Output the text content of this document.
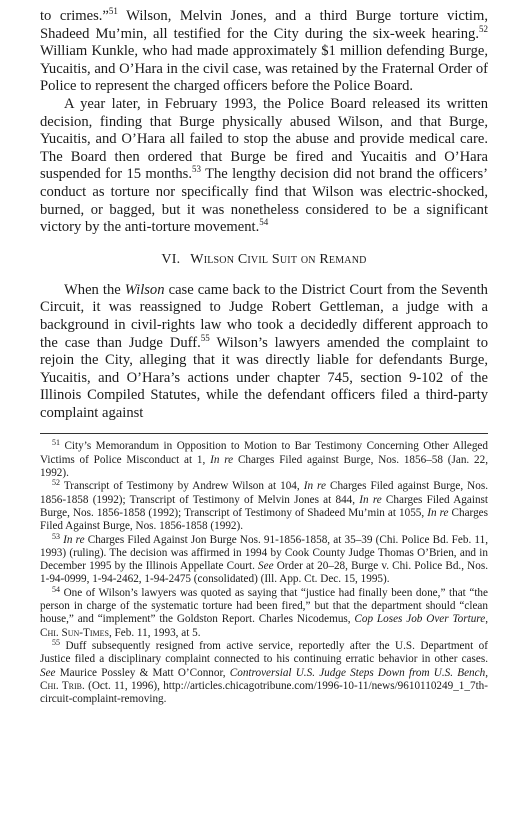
to crimes.”$^{51}$ Wilson, Melvin Jones, and a third Burge torture victim, Shadeed Mu’min, all testified for the City during the six-week hearing.$^{52}$ William Kunkle, who had made approximately $1 million defending Burge, Yucaitis, and O’Hara in the civil case, was retained by the Fraternal Order of Police to represent the charged officers before the Police Board.

A year later, in February 1993, the Police Board released its written decision, finding that Burge physically abused Wilson, and that Burge, Yucaitis, and O’Hara all failed to stop the abuse and provide medical care. The Board then ordered that Burge be fired and Yucaitis and O’Hara suspended for 15 months.$^{53}$ The lengthy decision did not brand the officers’ conduct as torture nor specifically find that Wilson was electric-shocked, burned, or bagged, but it was nonetheless considered to be a significant victory by the anti-torture movement.$^{54}$

VI. Wilson Civil Suit on Remand

When the Wilson case came back to the District Court from the Seventh Circuit, it was reassigned to Judge Robert Gettleman, a judge with a background in civil-rights law who took a decidedly different approach to the case than Judge Duff.$^{55}$ Wilson’s lawyers amended the complaint to rejoin the City, alleging that it was directly liable for defendants Burge, Yucaitis, and O’Hara’s actions under chapter 745, section 9-102 of the Illinois Compiled Statutes, while the defendant officers filed a third-party complaint against

$^{51}$ City’s Memorandum in Opposition to Motion to Bar Testimony Concerning Other Alleged Victims of Police Misconduct at 1, In re Charges Filed against Burge, Nos. 1856–58 (Jan. 22, 1992).

$^{52}$ Transcript of Testimony by Andrew Wilson at 104, In re Charges Filed against Burge, Nos. 1856-1858 (1992); Transcript of Testimony of Melvin Jones at 844, In re Charges Filed Against Burge, Nos. 1856-1858 (1992); Transcript of Testimony of Shadeed Mu’min at 1055, In re Charges Filed Against Burge, Nos. 1856-1858 (1992).

$^{53}$ In re Charges Filed Against Jon Burge Nos. 91-1856-1858, at 35–39 (Chi. Police Bd. Feb. 11, 1993) (ruling). The decision was affirmed in 1994 by Cook County Judge Thomas O’Brien, and in December 1995 by the Illinois Appellate Court. See Order at 20–28, Burge v. Chi. Police Bd., Nos. 1-94-0999, 1-94-2462, 1-94-2475 (consolidated) (Ill. App. Ct. Dec. 15, 1995).

$^{54}$ One of Wilson’s lawyers was quoted as saying that “justice had finally been done,” that “the person in charge of the systematic torture had been fired,” but that the department should “clean house,” and “implement” the Goldston Report. Charles Nicodemus, Cop Loses Job Over Torture, Chi. Sun-Times, Feb. 11, 1993, at 5.

$^{55}$ Duff subsequently resigned from active service, reportedly after the U.S. Department of Justice filed a disciplinary complaint connected to his continuing erratic behavior in other cases. See Maurice Possley & Matt O’Connor, Controversial U.S. Judge Steps Down from U.S. Bench, Chi. Trib. (Oct. 11, 1996), http://articles.chicagotribune.com/1996-10-11/news/9610110249_1_7th-circuit-complaint-removing.
